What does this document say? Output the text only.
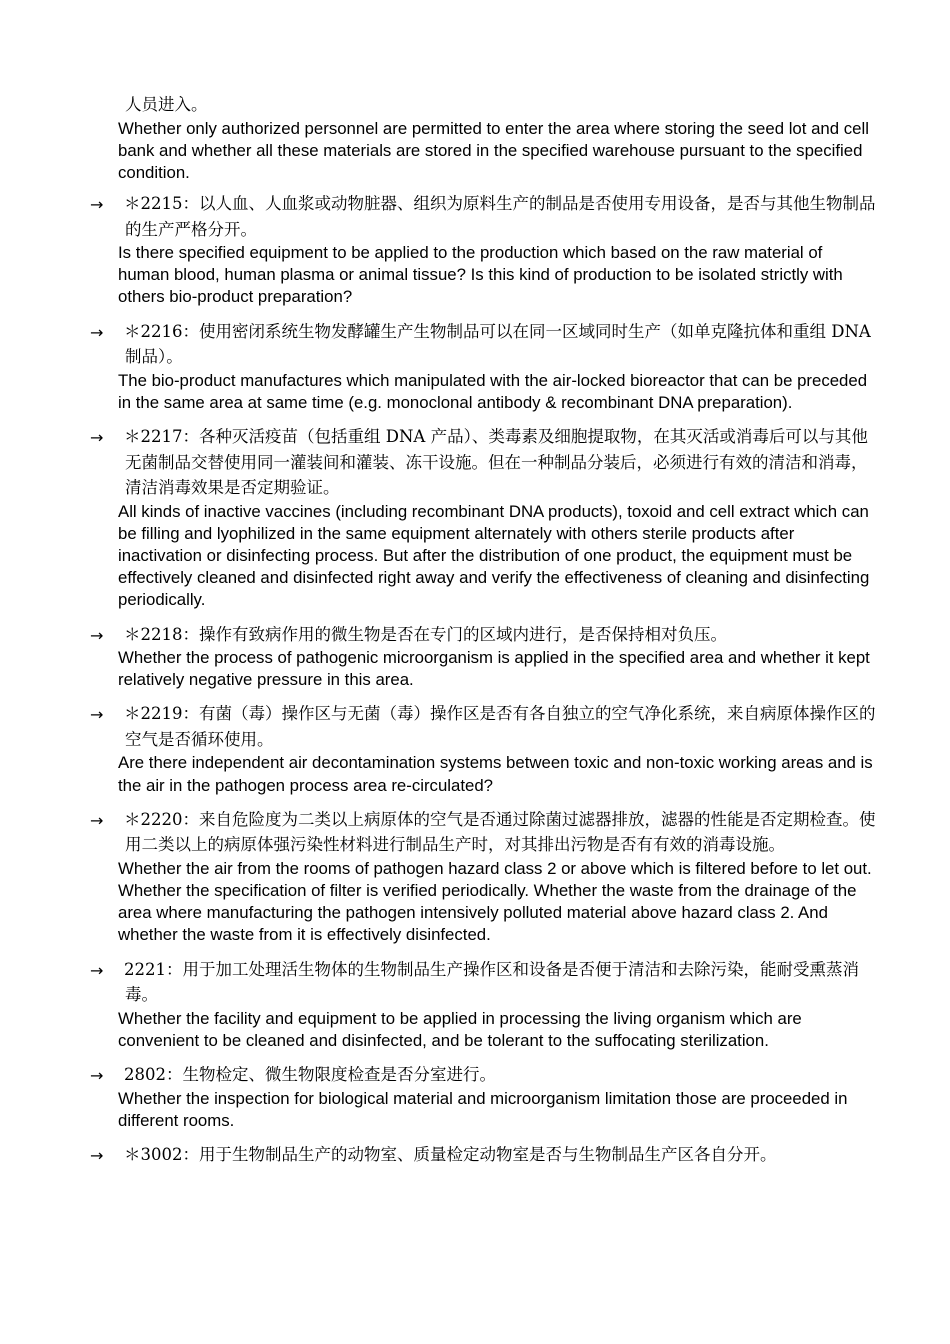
人员进入。
Whether only authorized personnel are permitted to enter the area where storing the seed lot and cell bank and whether all these materials are stored in the specified warehouse pursuant to the specified condition.
→	＊2215：以人血、人血浆或动物脏器、组织为原料生产的制品是否使用专用设备，是否与其他生物制品的生产严格分开。
Is there specified equipment to be applied to the production which based on the raw material of human blood, human plasma or animal tissue? Is this kind of production to be isolated strictly with others bio-product preparation?
→	＊2216：使用密闭系统生物发酵罐生产生物制品可以在同一区域同时生产（如单克隆抗体和重组 DNA 制品）。
The bio-product manufactures which manipulated with the air-locked bioreactor that can be preceded in the same area at same time (e.g. monoclonal antibody & recombinant DNA preparation).
→	＊2217：各种灭活疫苗（包括重组 DNA 产品）、类毒素及细胞提取物，在其灭活或消毒后可以与其他无菌制品交替使用同一灌装间和灌装、冻干设施。但在一种制品分装后，必须进行有效的清洁和消毒，清洁消毒效果是否定期验证。
All kinds of inactive vaccines (including recombinant DNA products), toxoid and cell extract which can be filling and lyophilized in the same equipment alternately with others sterile products after inactivation or disinfecting process. But after the distribution of one product, the equipment must be effectively cleaned and disinfected right away and verify the effectiveness of cleaning and disinfecting periodically.
→	＊2218：操作有致病作用的微生物是否在专门的区域内进行，是否保持相对负压。
Whether the process of pathogenic microorganism is applied in the specified area and whether it kept relatively negative pressure in this area.
→	＊2219：有菌（毒）操作区与无菌（毒）操作区是否有各自独立的空气净化系统，来自病原体操作区的空气是否循环使用。
Are there independent air decontamination systems between toxic and non-toxic working areas and is the air in the pathogen process area re-circulated?
→	＊2220：来自危险度为二类以上病原体的空气是否通过除菌过滤器排放，滤器的性能是否定期检查。使用二类以上的病原体强污染性材料进行制品生产时，对其排出污物是否有有效的消毒设施。
Whether the air from the rooms of pathogen hazard class 2 or above which is filtered before to let out. Whether the specification of filter is verified periodically. Whether the waste from the drainage of the area where manufacturing the pathogen intensively polluted material above hazard class 2. And whether the waste from it is effectively disinfected.
→	2221：用于加工处理活生物体的生物制品生产操作区和设备是否便于清洁和去除污染，能耐受熏蒸消毒。
Whether the facility and equipment to be applied in processing the living organism which are convenient to be cleaned and disinfected, and be tolerant to the suffocating sterilization.
→	2802：生物检定、微生物限度检查是否分室进行。
Whether the inspection for biological material and microorganism limitation those are proceeded in different rooms.
→	＊3002：用于生物制品生产的动物室、质量检定动物室是否与生物制品生产区各自分开。
